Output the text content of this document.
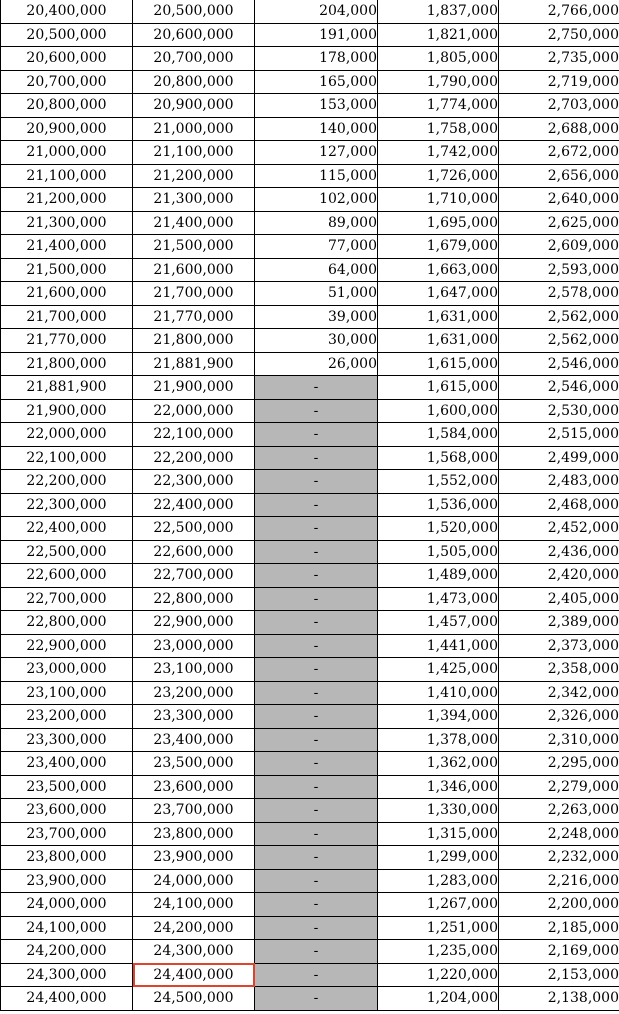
20,400,000	20,500,000	204,000	1,837,000	2,766,000
20,500,000	20,600,000	191,000	1,821,000	2,750,000
20,600,000	20,700,000	178,000	1,805,000	2,735,000
20,700,000	20,800,000	165,000	1,790,000	2,719,000
20,800,000	20,900,000	153,000	1,774,000	2,703,000
20,900,000	21,000,000	140,000	1,758,000	2,688,000
21,000,000	21,100,000	127,000	1,742,000	2,672,000
21,100,000	21,200,000	115,000	1,726,000	2,656,000
21,200,000	21,300,000	102,000	1,710,000	2,640,000
21,300,000	21,400,000	89,000	1,695,000	2,625,000
21,400,000	21,500,000	77,000	1,679,000	2,609,000
21,500,000	21,600,000	64,000	1,663,000	2,593,000
21,600,000	21,700,000	51,000	1,647,000	2,578,000
21,700,000	21,770,000	39,000	1,631,000	2,562,000
21,770,000	21,800,000	30,000	1,631,000	2,562,000
21,800,000	21,881,900	26,000	1,615,000	2,546,000
21,881,900	21,900,000	-	1,615,000	2,546,000
21,900,000	22,000,000	-	1,600,000	2,530,000
22,000,000	22,100,000	-	1,584,000	2,515,000
22,100,000	22,200,000	-	1,568,000	2,499,000
22,200,000	22,300,000	-	1,552,000	2,483,000
22,300,000	22,400,000	-	1,536,000	2,468,000
22,400,000	22,500,000	-	1,520,000	2,452,000
22,500,000	22,600,000	-	1,505,000	2,436,000
22,600,000	22,700,000	-	1,489,000	2,420,000
22,700,000	22,800,000	-	1,473,000	2,405,000
22,800,000	22,900,000	-	1,457,000	2,389,000
22,900,000	23,000,000	-	1,441,000	2,373,000
23,000,000	23,100,000	-	1,425,000	2,358,000
23,100,000	23,200,000	-	1,410,000	2,342,000
23,200,000	23,300,000	-	1,394,000	2,326,000
23,300,000	23,400,000	-	1,378,000	2,310,000
23,400,000	23,500,000	-	1,362,000	2,295,000
23,500,000	23,600,000	-	1,346,000	2,279,000
23,600,000	23,700,000	-	1,330,000	2,263,000
23,700,000	23,800,000	-	1,315,000	2,248,000
23,800,000	23,900,000	-	1,299,000	2,232,000
23,900,000	24,000,000	-	1,283,000	2,216,000
24,000,000	24,100,000	-	1,267,000	2,200,000
24,100,000	24,200,000	-	1,251,000	2,185,000
24,200,000	24,300,000	-	1,235,000	2,169,000
24,300,000	24,400,000	-	1,220,000	2,153,000
24,400,000	24,500,000	-	1,204,000	2,138,000
